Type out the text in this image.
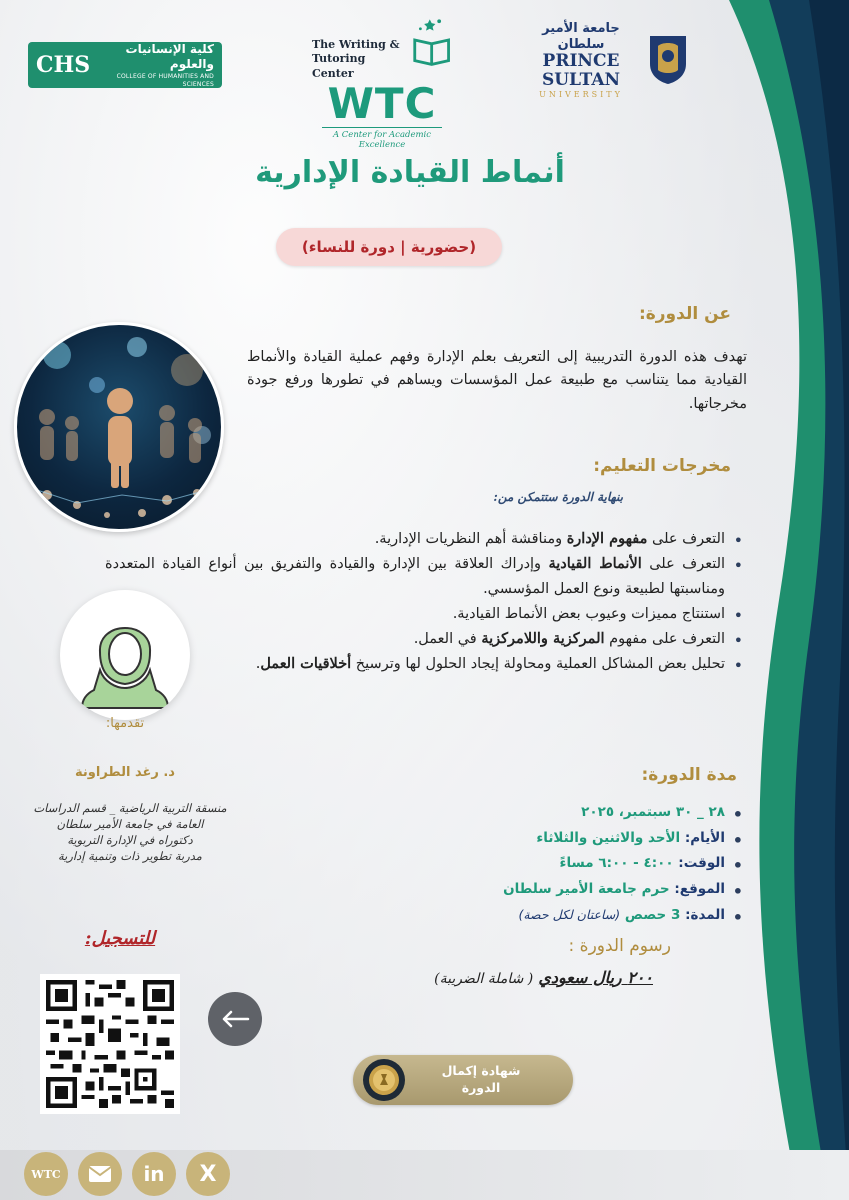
CHS
كلية الإنسانيات والعلوم
COLLEGE OF HUMANITIES AND SCIENCES
The Writing &
Tutoring Center
WTC
A Center for Academic Excellence
جامعة الأمير سلطان
PRINCE SULTAN
UNIVERSITY
أنماط القيادة الإدارية
(حضورية | دورة للنساء)
عن الدورة:
تهدف هذه الدورة التدريبية إلى التعريف بعلم الإدارة وفهم عملية القيادة والأنماط القيادية مما يتناسب مع طبيعة عمل المؤسسات ويساهم في تطورها ورفع جودة مخرجاتها.
مخرجات التعليم:
بنهاية الدورة ستتمكن من:
• التعرف على مفهوم الإدارة ومناقشة أهم النظريات الإدارية.
• التعرف على الأنماط القيادية وإدراك العلاقة بين الإدارة والقيادة والتفريق بين أنواع القيادة المتعددة ومناسبتها لطبيعة ونوع العمل المؤسسي.
• استنتاج مميزات وعيوب بعض الأنماط القيادية.
• التعرف على مفهوم المركزية واللامركزية في العمل.
• تحليل بعض المشاكل العملية ومحاولة إيجاد الحلول لها وترسيخ أخلاقيات العمل.
تقدمها:
د. رغد الطراونة
منسقة التربية الرياضية _ قسم الدراسات
العامة في جامعة الأمير سلطان
دكتوراه في الإدارة التربوية
مدربة تطوير ذات وتنمية إدارية
مدة الدورة:
• ٢٨ _ ٣٠ سبتمبر، ٢٠٢٥
• الأيام: الأحد والاثنين والثلاثاء
• الوقت: ٤:٠٠ - ٦:٠٠ مساءً
• الموقع: حرم جامعة الأمير سلطان
• المدة: 3 حصص (ساعتان لكل حصة)
رسوم الدورة :
٢٠٠ ريال سعودي ( شاملة الضريبة)
للتسجيل:
شهادة إكمال
الدورة
WTC	in X
